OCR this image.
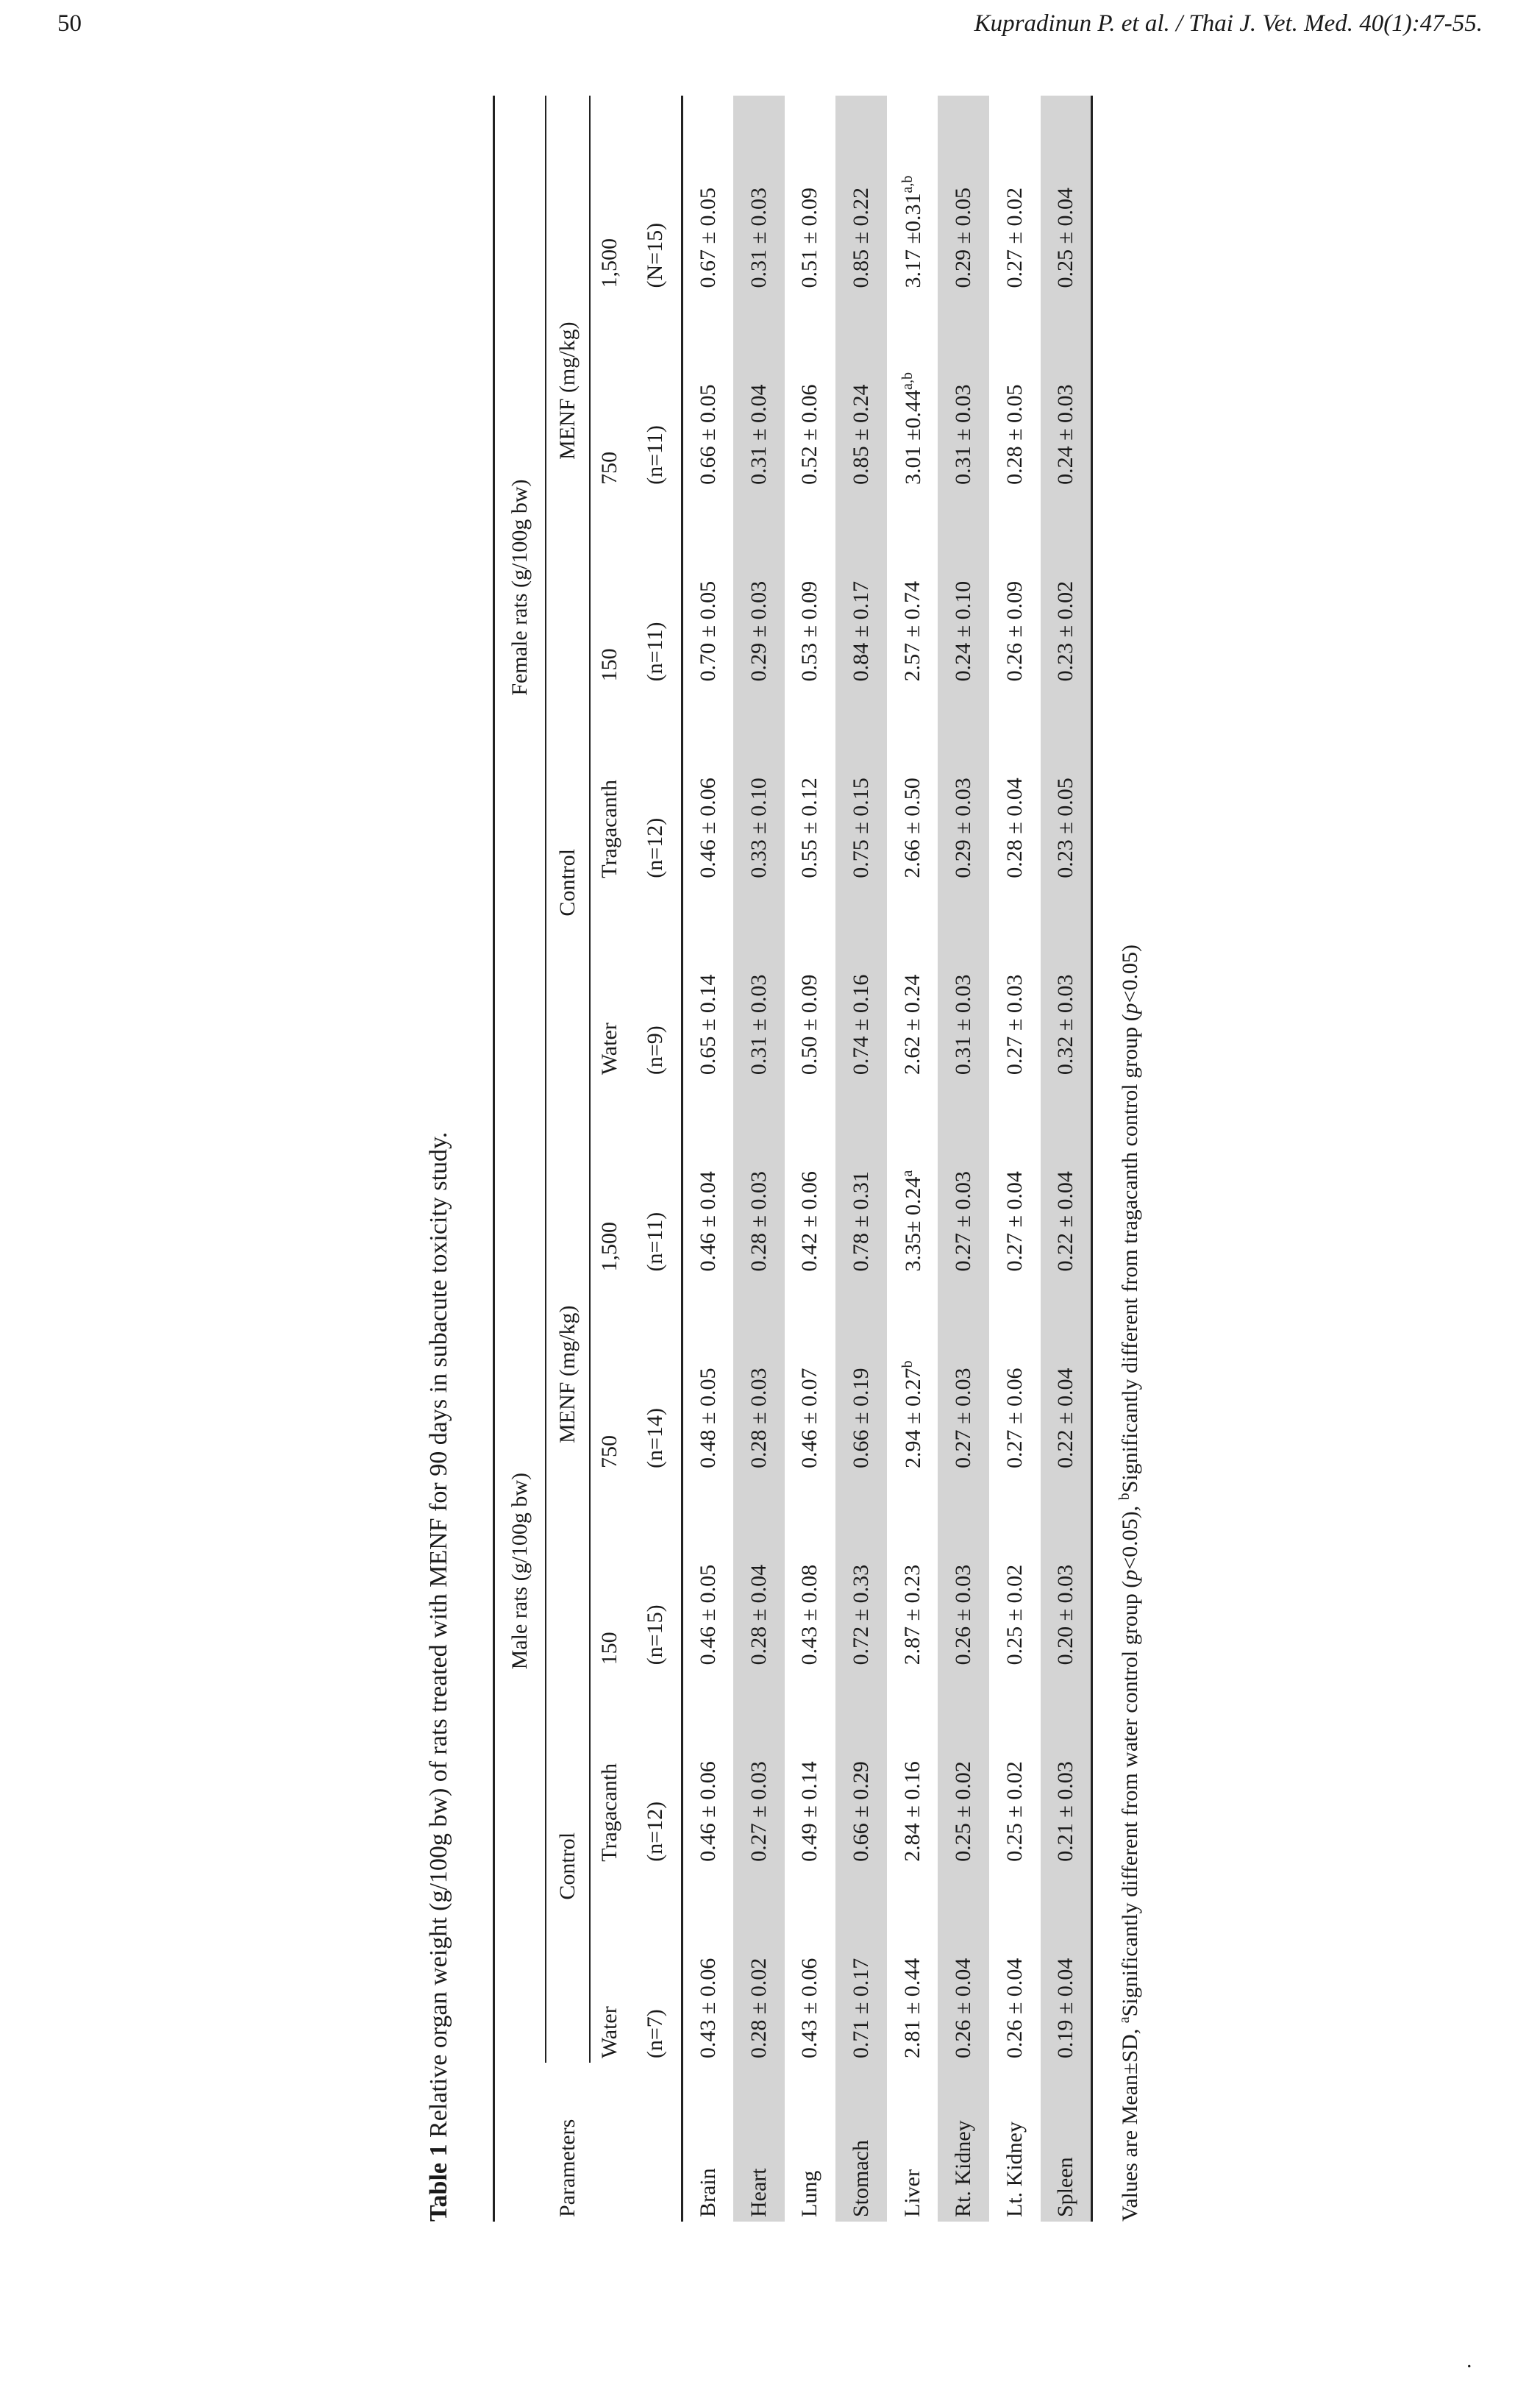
50	Kupradinun P. et al. / Thai J. Vet. Med. 40(1):47-55.
Table 1 Relative organ weight (g/100g bw) of rats treated with MENF for 90 days in subacute toxicity study.
	Male rats (g/100g bw)					Female rats (g/100g bw)				
Parameters	Control		MENF (mg/kg)			Control		MENF (mg/kg)		
	Water	Tragacanth	150	750	1,500	Water	Tragacanth	150	750	1,500
	(n=7)	(n=12)	(n=15)	(n=14)	(n=11)	(n=9)	(n=12)	(n=11)	(n=11)	(N=15)
Brain	0.43 ± 0.06	0.46 ± 0.06	0.46 ± 0.05	0.48 ± 0.05	0.46 ± 0.04	0.65 ± 0.14	0.46 ± 0.06	0.70 ± 0.05	0.66 ± 0.05	0.67 ± 0.05
Heart	0.28 ± 0.02	0.27 ± 0.03	0.28 ± 0.04	0.28 ± 0.03	0.28 ± 0.03	0.31 ± 0.03	0.33 ± 0.10	0.29 ± 0.03	0.31 ± 0.04	0.31 ± 0.03
Lung	0.43 ± 0.06	0.49 ± 0.14	0.43 ± 0.08	0.46 ± 0.07	0.42 ± 0.06	0.50 ± 0.09	0.55 ± 0.12	0.53 ± 0.09	0.52 ± 0.06	0.51 ± 0.09
Stomach	0.71 ± 0.17	0.66 ± 0.29	0.72 ± 0.33	0.66 ± 0.19	0.78 ± 0.31	0.74 ± 0.16	0.75 ± 0.15	0.84 ± 0.17	0.85 ± 0.24	0.85 ± 0.22
Liver	2.81 ± 0.44	2.84 ± 0.16	2.87 ± 0.23	2.94 ± 0.27$^b$	3.35± 0.24$^a$	2.62 ± 0.24	2.66 ± 0.50	2.57 ± 0.74	$3.01 \pm 0.44^{a,b}$	$3.17 \pm 0.31^{a,b}$
Rt. Kidney	0.26 ± 0.04	0.25 ± 0.02	0.26 ± 0.03	0.27 ± 0.03	0.27 ± 0.03	0.31 ± 0.03	0.29 ± 0.03	0.24 ± 0.10	0.31 ± 0.03	0.29 ± 0.05
Lt. Kidney	0.26 ± 0.04	0.25 ± 0.02	0.25 ± 0.02	0.27 ± 0.06	0.27 ± 0.04	0.27 ± 0.03	0.28 ± 0.04	0.26 ± 0.09	0.28 ± 0.05	0.27 ± 0.02
Spleen	0.19 ± 0.04	0.21 ± 0.03	0.20 ± 0.03	0.22 ± 0.04	0.22 ± 0.04	0.32 ± 0.03	0.23 ± 0.05	0.23 ± 0.02	0.24 ± 0.03	0.25 ± 0.04
Values are Mean±SD, $^a$Significantly different from water control group (p<0.05), $^b$Significantly different from tragacanth control group (p<0.05)
.
